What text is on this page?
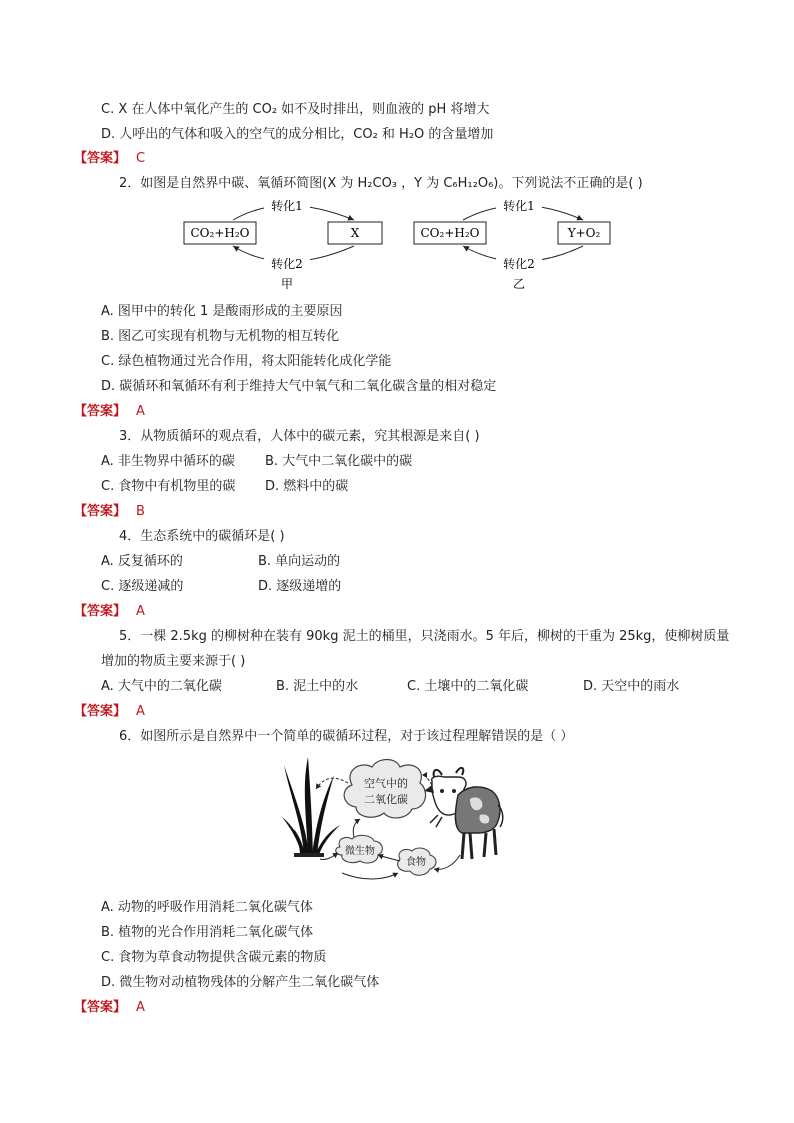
C. X 在人体中氧化产生的 CO₂ 如不及时排出，则血液的 pH 将增大
D. 人呼出的气体和吸入的空气的成分相比，CO₂ 和 H₂O 的含量增加
【答案】 C
2．如图是自然界中碳、氧循环简图(X 为 H₂CO₃ ，Y 为 C₆H₁₂O₆)。下列说法不正确的是( )
CO₂+H₂O	X
转化1
转化2
甲
CO₂+H₂O	Y+O₂
转化1
转化2
乙
A. 图甲中的转化 1 是酸雨形成的主要原因
B. 图乙可实现有机物与无机物的相互转化
C. 绿色植物通过光合作用，将太阳能转化成化学能
D. 碳循环和氧循环有利于维持大气中氧气和二氧化碳含量的相对稳定
【答案】 A
3．从物质循环的观点看，人体中的碳元素，究其根源是来自( )
A. 非生物界中循环的碳 B. 大气中二氧化碳中的碳
C. 食物中有机物里的碳 D. 燃料中的碳
【答案】 B
4．生态系统中的碳循环是( )
A. 反复循环的	B. 单向运动的
C. 逐级递减的	D. 逐级递增的
【答案】 A
5．一棵 2.5kg 的柳树种在装有 90kg 泥土的桶里，只浇雨水。5 年后，柳树的干重为 25kg，使柳树质量
增加的物质主要来源于( )
A. 大气中的二氧化碳	B. 泥土中的水	C. 土壤中的二氧化碳	D. 天空中的雨水
【答案】 A
6．如图所示是自然界中一个简单的碳循环过程，对于该过程理解错误的是（ ）
空气中的
二氧化碳
微生物
食物
A. 动物的呼吸作用消耗二氧化碳气体
B. 植物的光合作用消耗二氧化碳气体
C. 食物为草食动物提供含碳元素的物质
D. 微生物对动植物残体的分解产生二氧化碳气体
【答案】 A
